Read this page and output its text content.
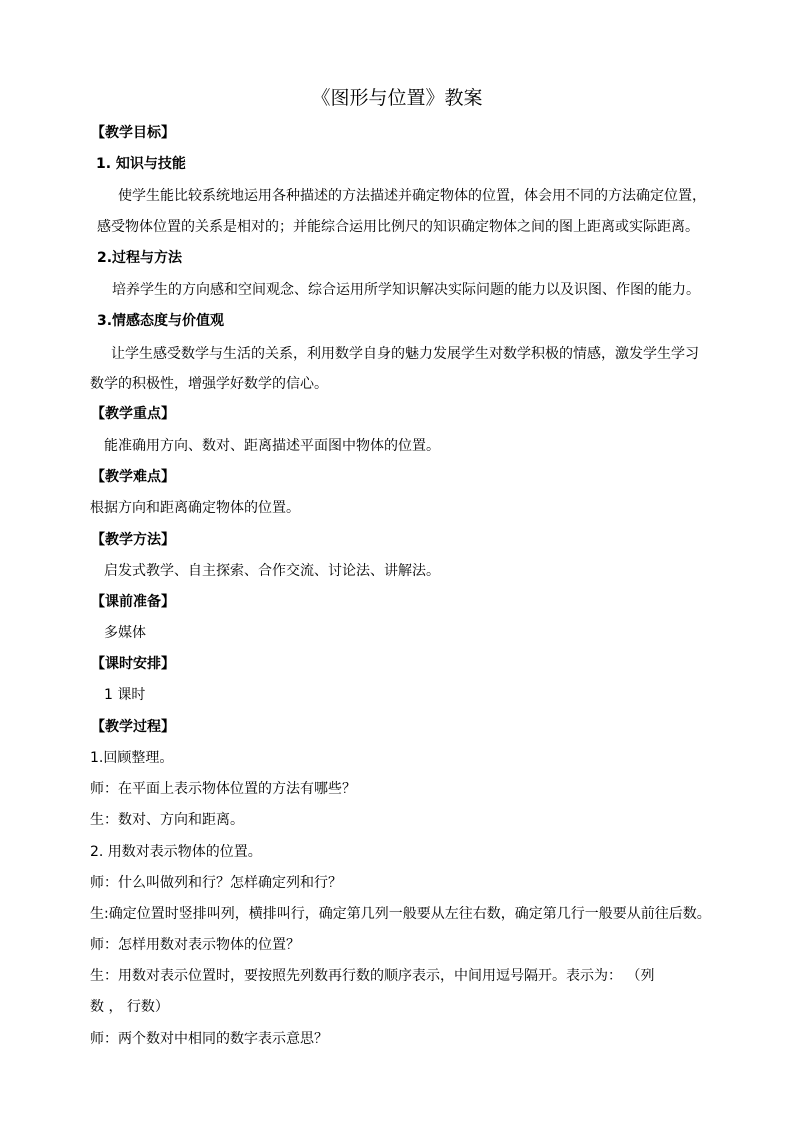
《图形与位置》教案
【教学目标】
1. 知识与技能
使学生能比较系统地运用各种描述的方法描述并确定物体的位置，体会用不同的方法确定位置，
感受物体位置的关系是相对的；并能综合运用比例尺的知识确定物体之间的图上距离或实际距离。
2.过程与方法
培养学生的方向感和空间观念、综合运用所学知识解决实际问题的能力以及识图、作图的能力。
3.情感态度与价值观
让学生感受数学与生活的关系，利用数学自身的魅力发展学生对数学积极的情感，激发学生学习
数学的积极性，增强学好数学的信心。
【教学重点】
能准确用方向、数对、距离描述平面图中物体的位置。
【教学难点】
根据方向和距离确定物体的位置。
【教学方法】
启发式教学、自主探索、合作交流、讨论法、讲解法。
【课前准备】
多媒体
【课时安排】
1 课时
【教学过程】
1.回顾整理。
师：在平面上表示物体位置的方法有哪些？
生：数对、方向和距离。
2. 用数对表示物体的位置。
师：什么叫做列和行？怎样确定列和行？
生:确定位置时竖排叫列，横排叫行，确定第几列一般要从左往右数，确定第几行一般要从前往后数。
师：怎样用数对表示物体的位置？
生：用数对表示位置时，要按照先列数再行数的顺序表示，中间用逗号隔开。表示为： （列
数 ， 行数）
师：两个数对中相同的数字表示意思？
